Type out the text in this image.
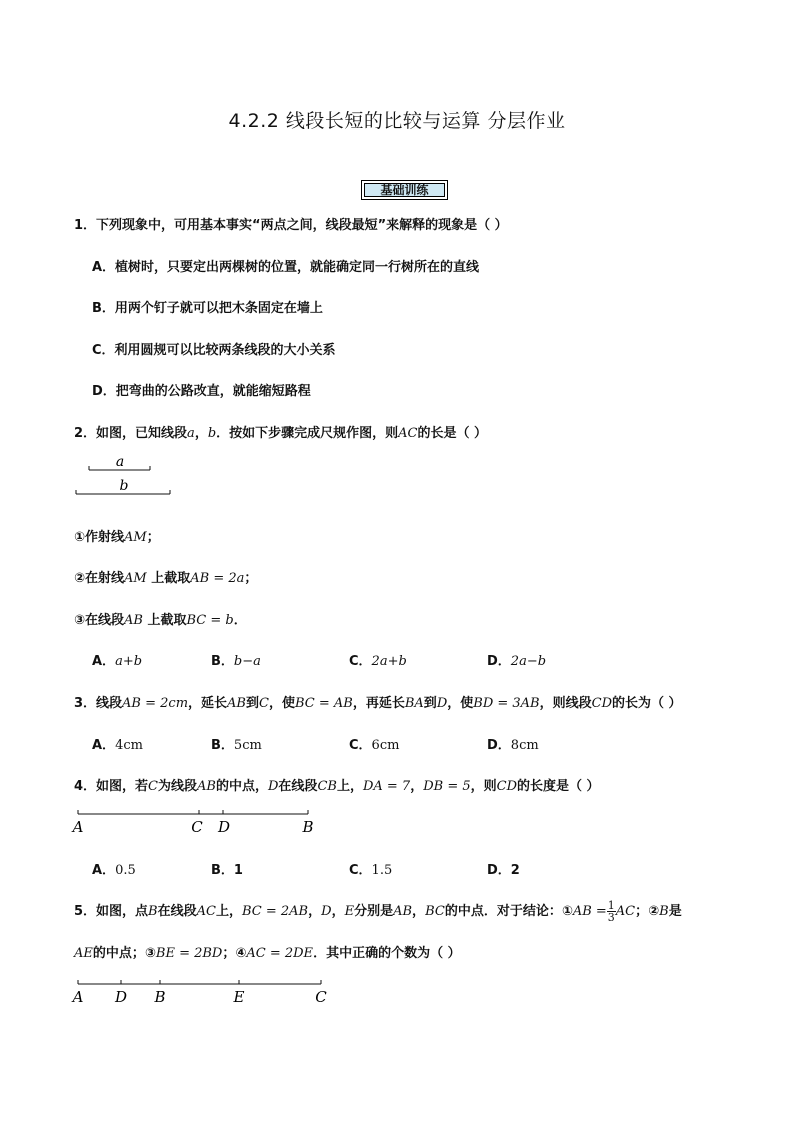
4.2.2 线段长短的比较与运算 分层作业
基础训练
1．下列现象中，可用基本事实“两点之间，线段最短”来解释的现象是（ ）
A．植树时，只要定出两棵树的位置，就能确定同一行树所在的直线
B．用两个钉子就可以把木条固定在墙上
C．利用圆规可以比较两条线段的大小关系
D．把弯曲的公路改直，就能缩短路程
2．如图，已知线段a，b．按如下步骤完成尺规作图，则AC的长是（ ）
a
b
①作射线AM；
②在射线AM 上截取AB = 2a；
③在线段AB 上截取BC = b．
A．a+b	B．b−a	C．2a+b	D．2a−b
3．线段AB = 2cm，延长AB到C，使BC = AB，再延长BA到D，使BD = 3AB，则线段CD的长为（ ）
A．4cm	B．5cm	C．6cm	D．8cm
4．如图，若C为线段AB的中点，D在线段CB上，DA = 7，DB = 5，则CD的长度是（ ）
A	C D	B
A．0.5	B．1	C．1.5	D．2
5．如图，点B在线段AC上，BC = 2AB，D，E分别是AB，BC的中点．对于结论：①AB = $\frac{1}{3}$ AC；②B是
AE的中点；③BE = 2BD；④AC = 2DE．其中正确的个数为（ ）
A D B	E	C
